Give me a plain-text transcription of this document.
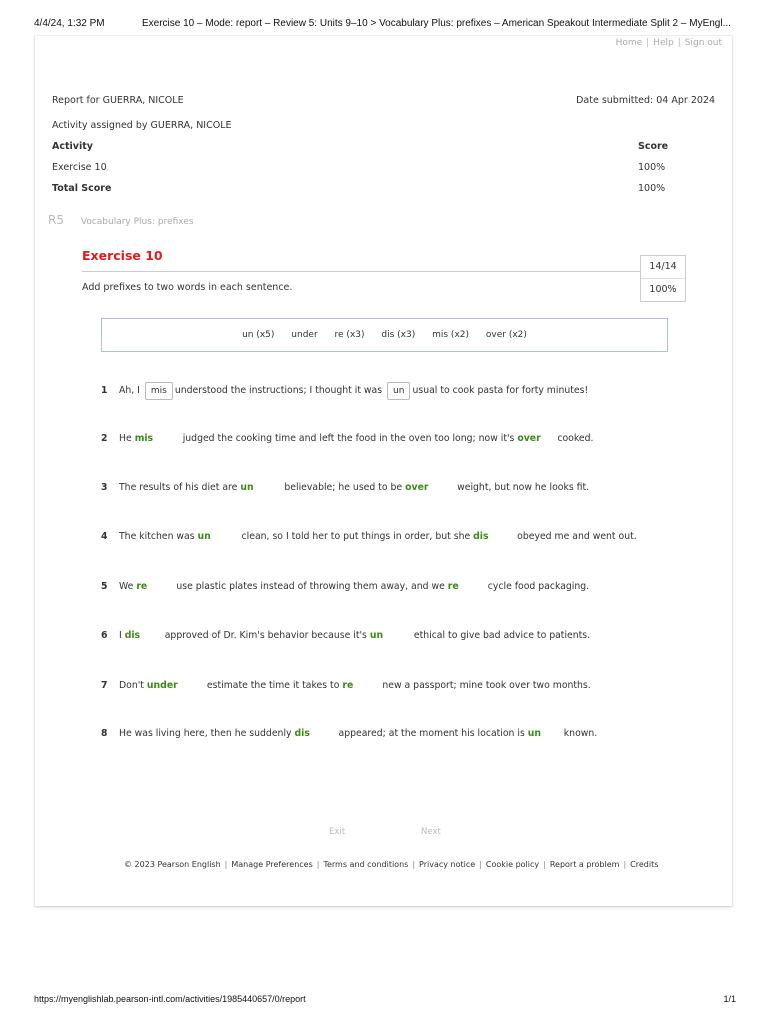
4/4/24, 1:32 PM	Exercise 10 – Mode: report – Review 5: Units 9–10 > Vocabulary Plus: prefixes – American Speakout Intermediate Split 2 – MyEngl...
Home | Help | Sign out
Report for GUERRA, NICOLE	Date submitted: 04 Apr 2024
Activity assigned by GUERRA, NICOLE
Activity	Score
Exercise 10	100%
Total Score	100%
R5 Vocabulary Plus: prefixes
Exercise 10
14/14
100%
Add prefixes to two words in each sentence.
un (x5) under re (x3) dis (x3) mis (x2) over (x2)
1 Ah, I mis understood the instructions; I thought it was un usual to cook pasta for forty minutes!
2 He mis	judged the cooking time and left the food in the oven too long; now it's over cooked.
3 The results of his diet are un	believable; he used to be over	weight, but now he looks fit.
4 The kitchen was un	clean, so I told her to put things in order, but she dis	obeyed me and went out.
5 We re	use plastic plates instead of throwing them away, and we re	cycle food packaging.
6 I dis	approved of Dr. Kim's behavior because it's un	ethical to give bad advice to patients.
7 Don't under	estimate the time it takes to re	new a passport; mine took over two months.
8 He was living here, then he suddenly dis	appeared; at the moment his location is un known.
Exit	Next
© 2023 Pearson English | Manage Preferences | Terms and conditions | Privacy notice | Cookie policy | Report a problem | Credits
https://myenglishlab.pearson-intl.com/activities/1985440657/0/report	1/1
